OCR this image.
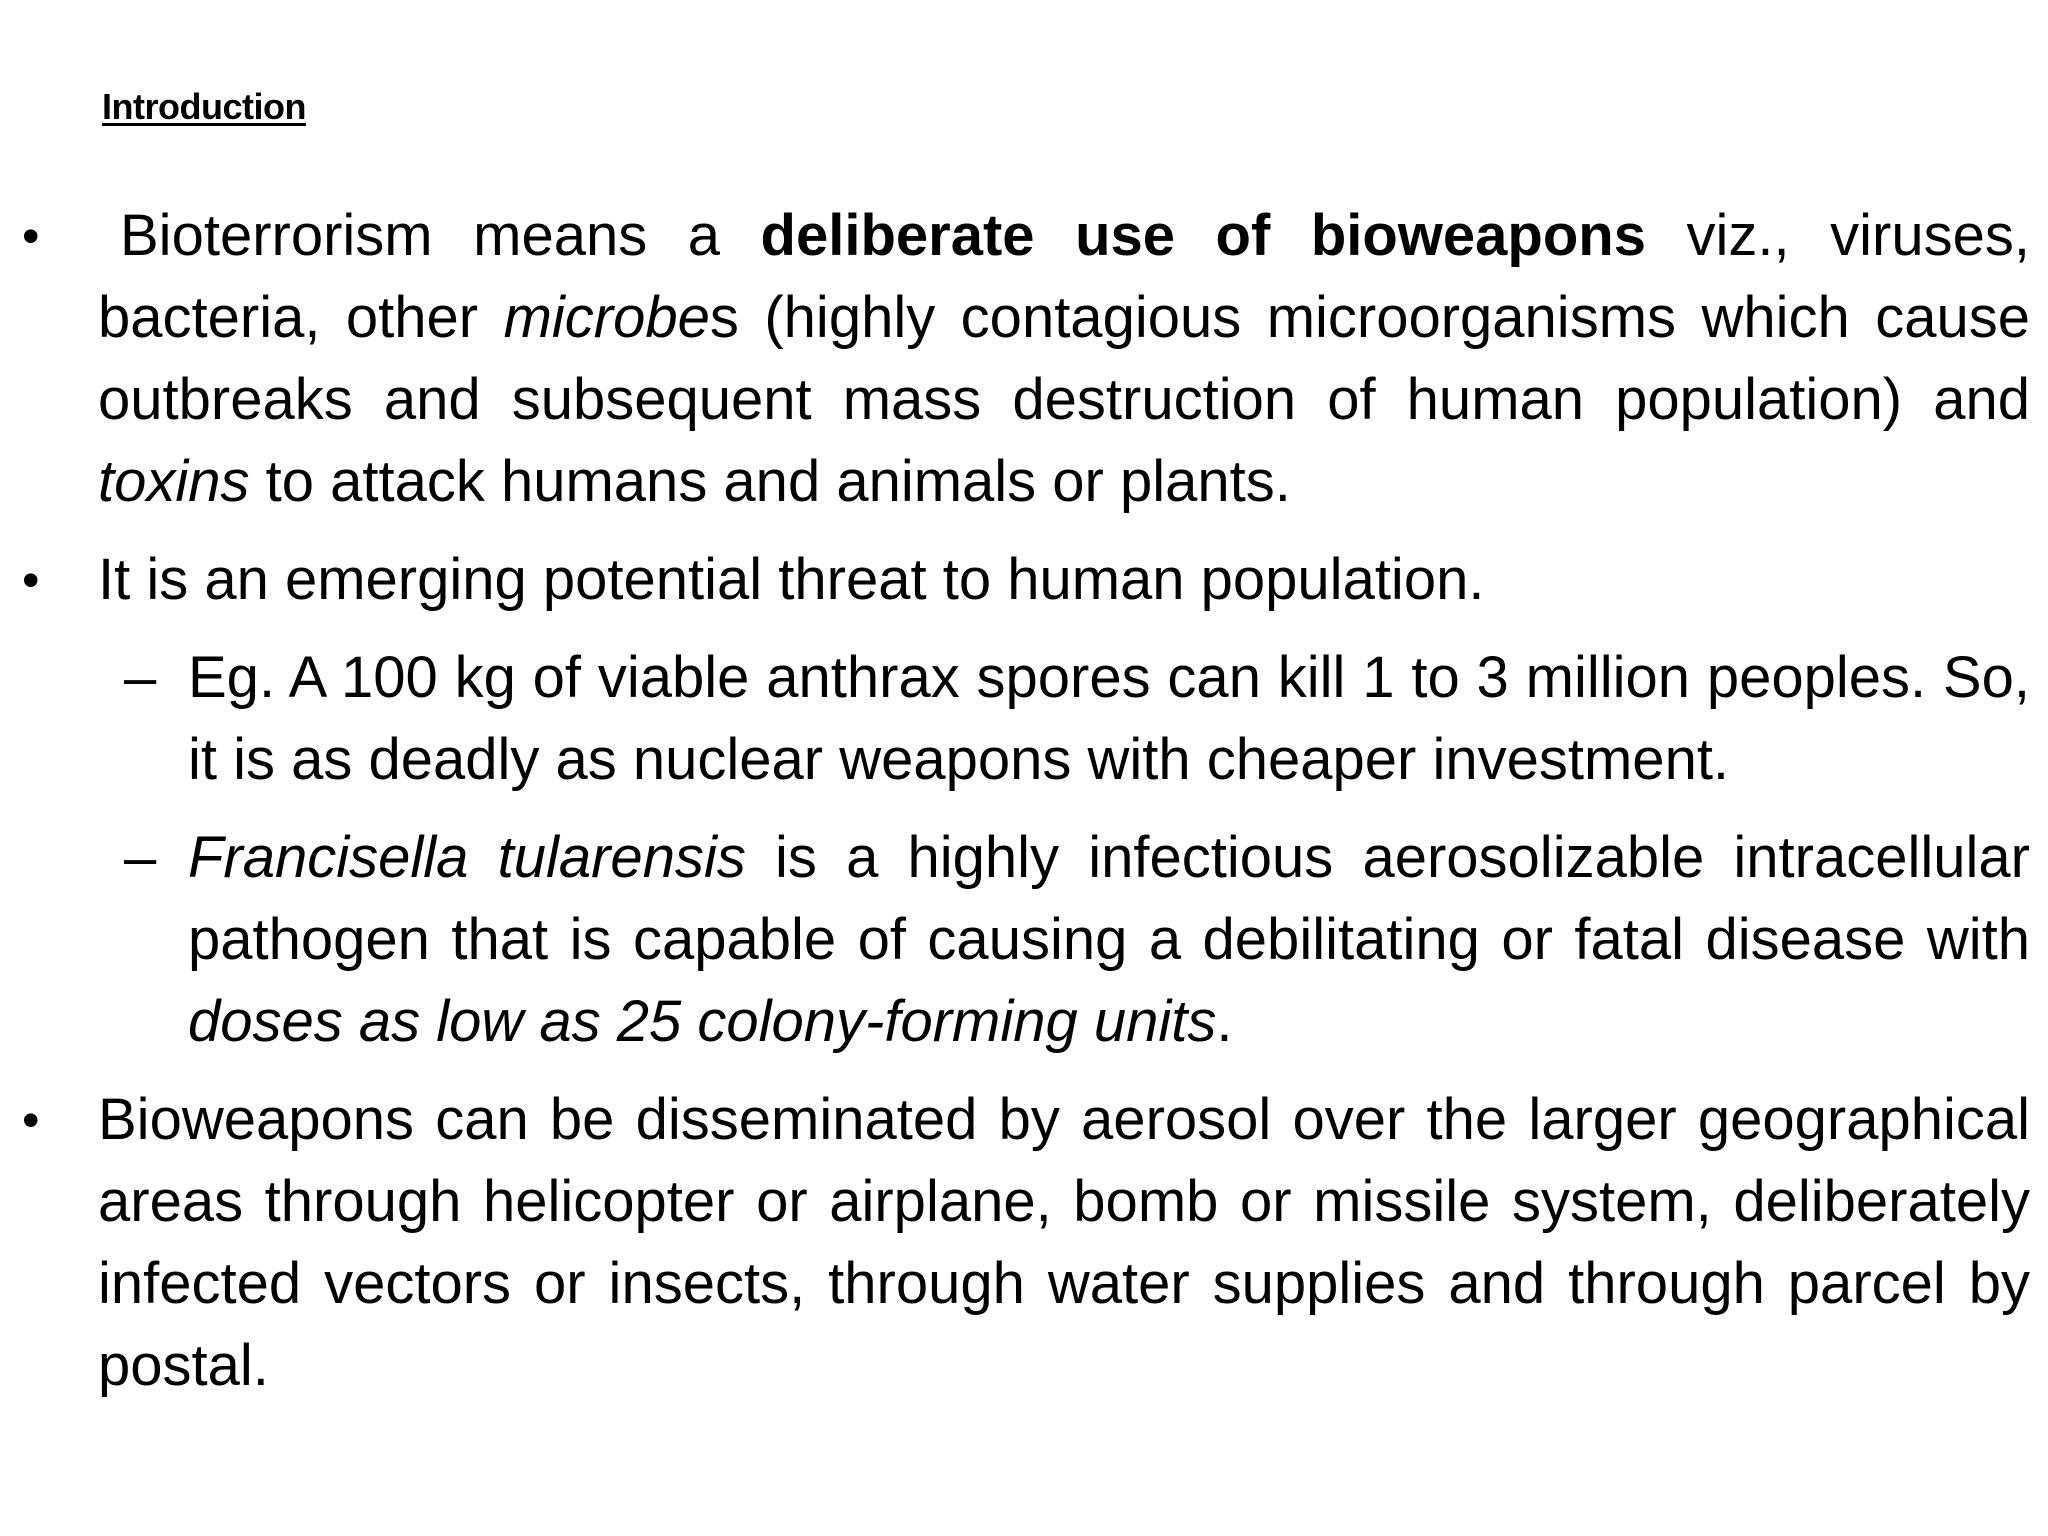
Introduction
• Bioterrorism means a deliberate use of bioweapons viz., viruses, bacteria, other microbes (highly contagious microorganisms which cause outbreaks and subsequent mass destruction of human population) and toxins to attack humans and animals or plants.
• It is an emerging potential threat to human population.
– Eg. A 100 kg of viable anthrax spores can kill 1 to 3 million peoples. So, it is as deadly as nuclear weapons with cheaper investment.
– Francisella tularensis is a highly infectious aerosolizable intracellular pathogen that is capable of causing a debilitating or fatal disease with doses as low as 25 colony-forming units.
• Bioweapons can be disseminated by aerosol over the larger geographical areas through helicopter or airplane, bomb or missile system, deliberately infected vectors or insects, through water supplies and through parcel by postal.
